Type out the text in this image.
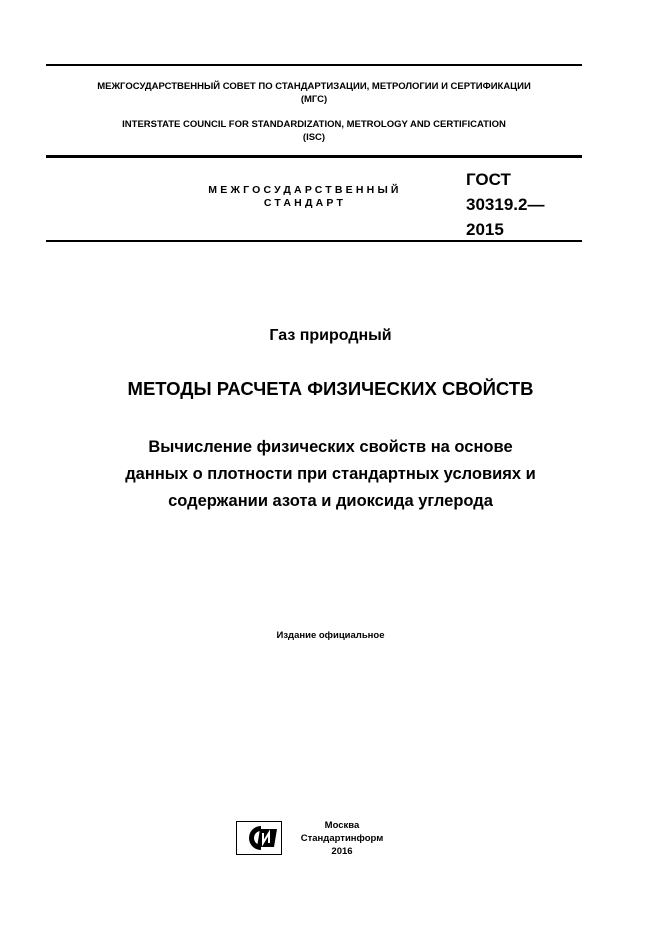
МЕЖГОСУДАРСТВЕННЫЙ СОВЕТ ПО СТАНДАРТИЗАЦИИ, МЕТРОЛОГИИ И СЕРТИФИКАЦИИ
(МГС)
INTERSTATE COUNCIL FOR STANDARDIZATION, METROLOGY AND CERTIFICATION
(ISC)
МЕЖГОСУДАРСТВЕННЫЙ
СТАНДАРТ
ГОСТ
30319.2—
2015
Газ природный
МЕТОДЫ РАСЧЕТА ФИЗИЧЕСКИХ СВОЙСТВ
Вычисление физических свойств на основе
данных о плотности при стандартных условиях и
содержании азота и диоксида углерода
Издание официальное
Москва
Стандартинформ
2016
